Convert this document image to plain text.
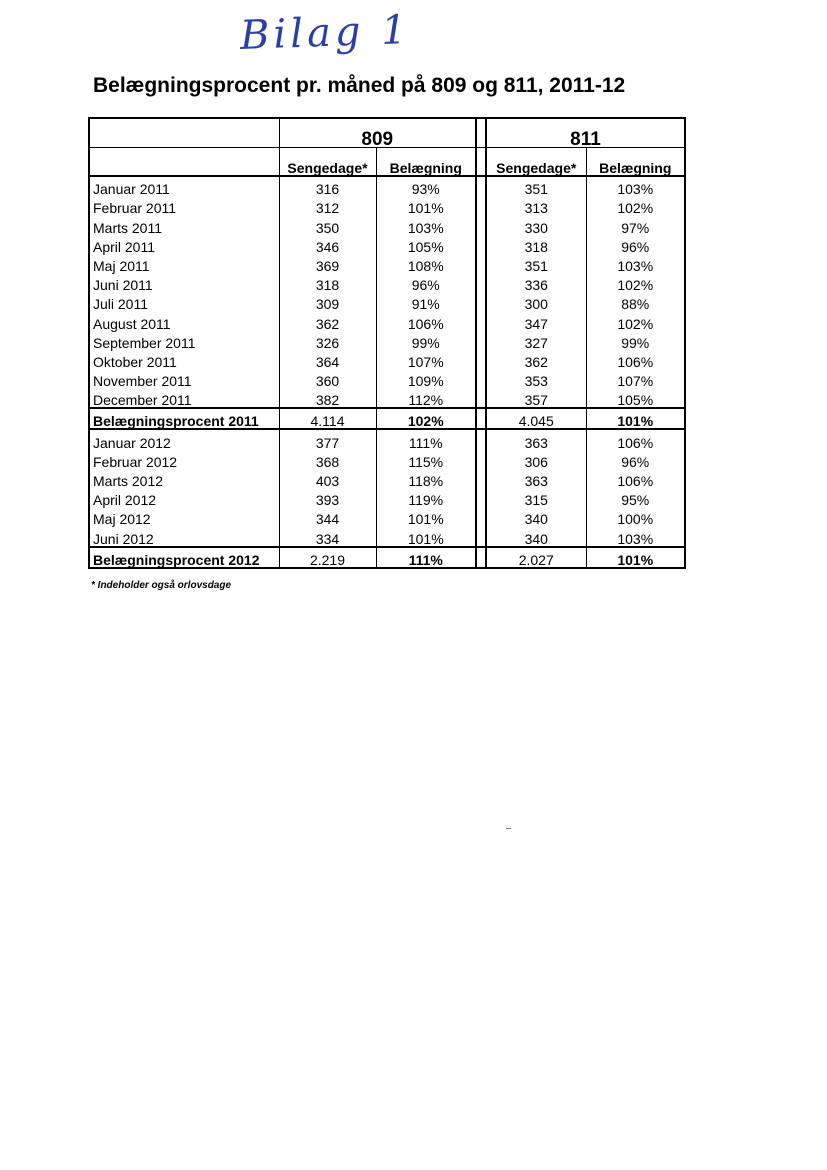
Bilag 1
Belægningsprocent pr. måned på 809 og 811, 2011-12
	809			811	
	Sengedage*	Belægning		Sengedage*	Belægning
Januar 2011	316	93%		351	103%
Februar 2011	312	101%		313	102%
Marts 2011	350	103%		330	97%
April 2011	346	105%		318	96%
Maj 2011	369	108%		351	103%
Juni 2011	318	96%		336	102%
Juli 2011	309	91%		300	88%
August 2011	362	106%		347	102%
September 2011	326	99%		327	99%
Oktober 2011	364	107%		362	106%
November 2011	360	109%		353	107%
December 2011	382	112%		357	105%
Belægningsprocent 2011	4.114	102%		4.045	101%
Januar 2012	377	111%		363	106%
Februar 2012	368	115%		306	96%
Marts 2012	403	118%		363	106%
April 2012	393	119%		315	95%
Maj 2012	344	101%		340	100%
Juni 2012	334	101%		340	103%
Belægningsprocent 2012	2.219	111%		2.027	101%
* Indeholder også orlovsdage
